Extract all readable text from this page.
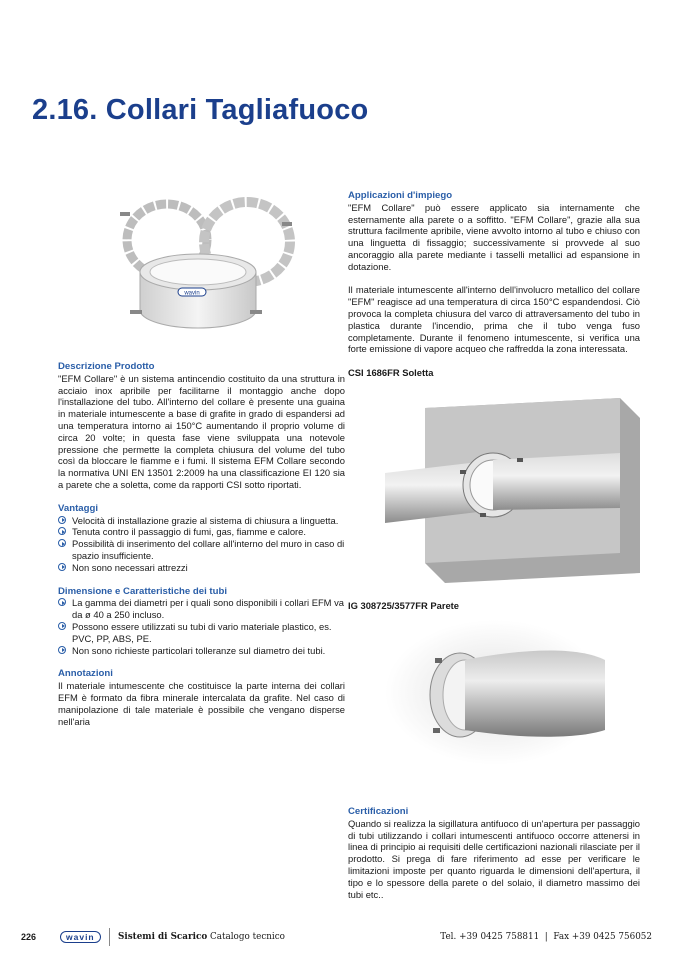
2.16. Collari Tagliafuoco
wavin

Descrizione Prodotto

"EFM Collare" è un sistema antincendio costituito da una struttura in acciaio inox apribile per facilitarne il montaggio anche dopo l'installazione del tubo. All'interno del collare è presente una guaina in materiale intumescente a base di grafite in grado di espandersi ad una temperatura intorno ai 150°C aumentando il proprio volume di circa 20 volte; in questa fase viene sviluppata una notevole pressione che permette la completa chiusura del volume del tubo così da bloccare le fiamme e i fumi. Il sistema EFM Collare secondo la normativa UNI EN 13501 2:2009 ha una classificazione EI 120 sia a parete che a soletta, come da rapporti CSI sotto riportati.

Vantaggi

Velocità di installazione grazie al sistema di chiusura a linguetta.
Tenuta contro il passaggio di fumi, gas, fiamme e calore.
Possibilità di inserimento del collare all'interno del muro in caso di spazio insufficiente.
Non sono necessari attrezzi

Dimensione e Caratteristiche dei tubi

La gamma dei diametri per i quali sono disponibili i collari EFM va da ø 40 a 250 incluso.
Possono essere utilizzati su tubi di vario materiale plastico, es. PVC, PP, ABS, PE.
Non sono richieste particolari tolleranze sul diametro dei tubi.

Annotazioni

Il materiale intumescente che costituisce la parte interna dei collari EFM è formato da fibra minerale intercalata da grafite. Nel caso di manipolazione di tale materiale è possibile che vengano disperse nell'aria

Applicazioni d'impiego

"EFM Collare" può essere applicato sia internamente che esternamente alla parete o a soffitto. "EFM Collare", grazie alla sua struttura facilmente apribile, viene avvolto intorno al tubo e chiuso con una linguetta di fissaggio; successivamente si provvede al suo ancoraggio alla parete mediante i tasselli metallici ad espansione in dotazione.

Il materiale intumescente all'interno dell'involucro metallico del collare "EFM" reagisce ad una temperatura di circa 150°C espandendosi. Ciò provoca la completa chiusura del varco di attraversamento del tubo in plastica durante l'incendio, prima che il tubo venga fuso completamente. Durante il fenomeno intumescente, si verifica una forte emissione di vapore acqueo che raffredda la zona interessata.

CSI 1686FR Soletta

IG 308725/3577FR Parete

Certificazioni

Quando si realizza la sigillatura antifuoco di un'apertura per passaggio di tubi utilizzando i collari intumescenti antifuoco occorre attenersi in linea di principio ai requisiti delle certificazioni nazionali rilasciate per il prodotto. Si prega di fare riferimento ad esse per verificare le limitazioni imposte per quanto riguarda le dimensioni dell'apertura, il tipo e lo spessore della parete o del solaio, il diametro massimo dei tubi etc..

226	wavin	Sistemi di Scarico Catalogo tecnico	Tel. +39 0425 758811  |  Fax +39 0425 756052
